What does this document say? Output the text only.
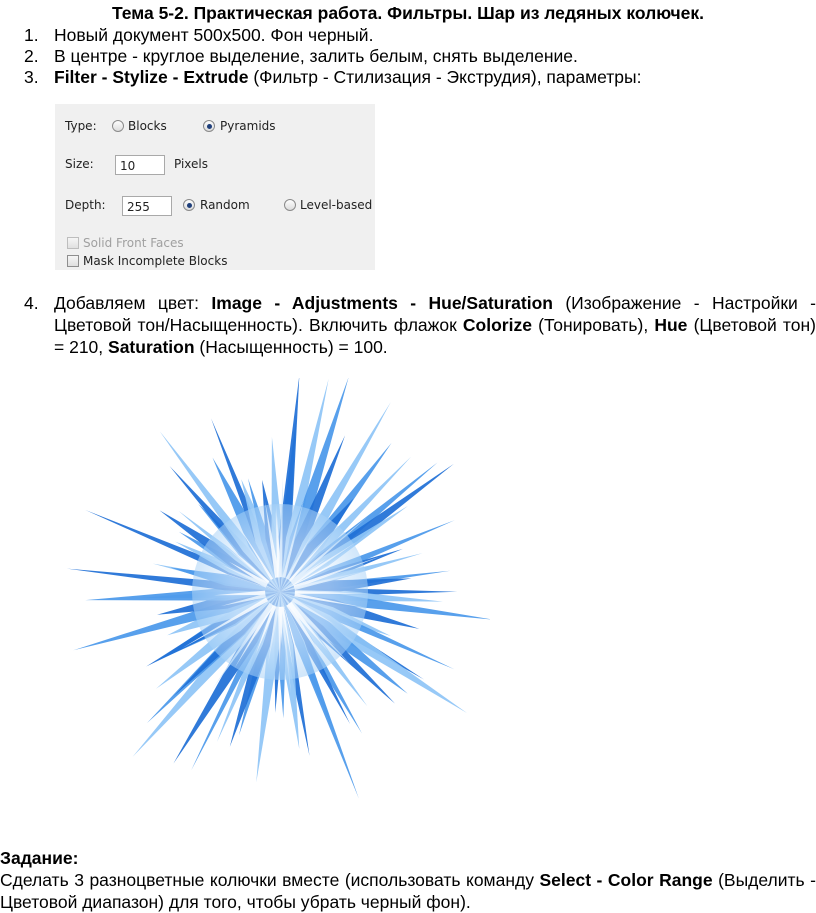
Тема 5-2. Практическая работа. Фильтры. Шар из ледяных колючек.
1. Новый документ 500x500. Фон черный.
2. В центре - круглое выделение, залить белым, снять выделение.
3. Filter - Stylize - Extrude (Фильтр - Стилизация - Экструдия), параметры:
Type:	Blocks	Pyramids
Size:	10	Pixels
Depth:	255	Random	Level-based
Solid Front Faces
Mask Incomplete Blocks
4. Добавляем цвет: Image - Adjustments - Hue/Saturation (Изображение - Настройки - Цветовой тон/Насыщенность). Включить флажок Colorize (Тонировать), Hue (Цветовой тон) = 210, Saturation (Насыщенность) = 100.
Задание:
Сделать 3 разноцветные колючки вместе (использовать команду Select - Color Range (Выделить - Цветовой диапазон) для того, чтобы убрать черный фон).
